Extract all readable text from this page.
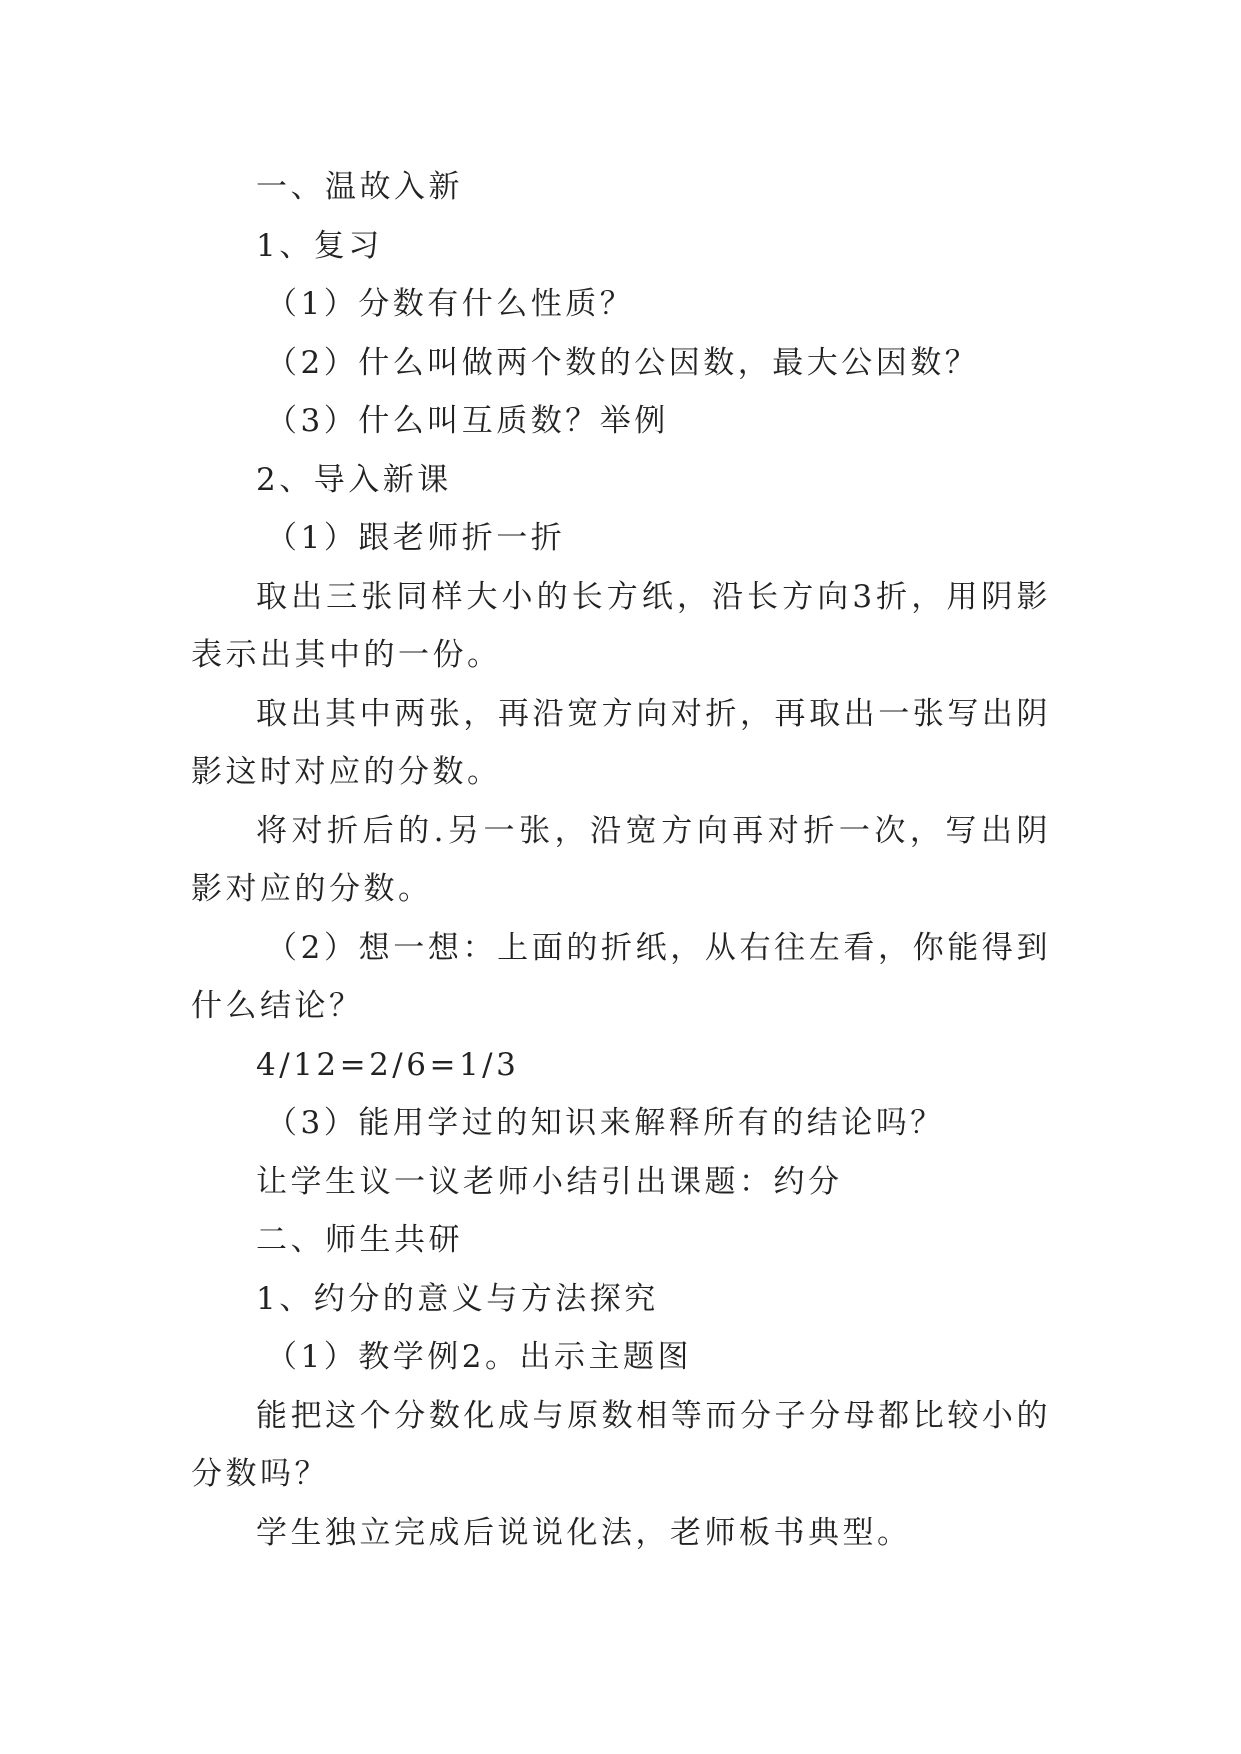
一、温故入新
1、复习
（1）分数有什么性质？
（2）什么叫做两个数的公因数，最大公因数？
（3）什么叫互质数？举例
2、导入新课
（1）跟老师折一折
取出三张同样大小的长方纸，沿长方向3折，用阴影表示出其中的一份。
取出其中两张，再沿宽方向对折，再取出一张写出阴影这时对应的分数。
将对折后的.另一张，沿宽方向再对折一次，写出阴影对应的分数。
（2）想一想：上面的折纸，从右往左看，你能得到什么结论？
4/12=2/6=1/3
（3）能用学过的知识来解释所有的结论吗？
让学生议一议老师小结引出课题：约分
二、师生共研
1、约分的意义与方法探究
（1）教学例2。出示主题图
能把这个分数化成与原数相等而分子分母都比较小的分数吗？
学生独立完成后说说化法，老师板书典型。
